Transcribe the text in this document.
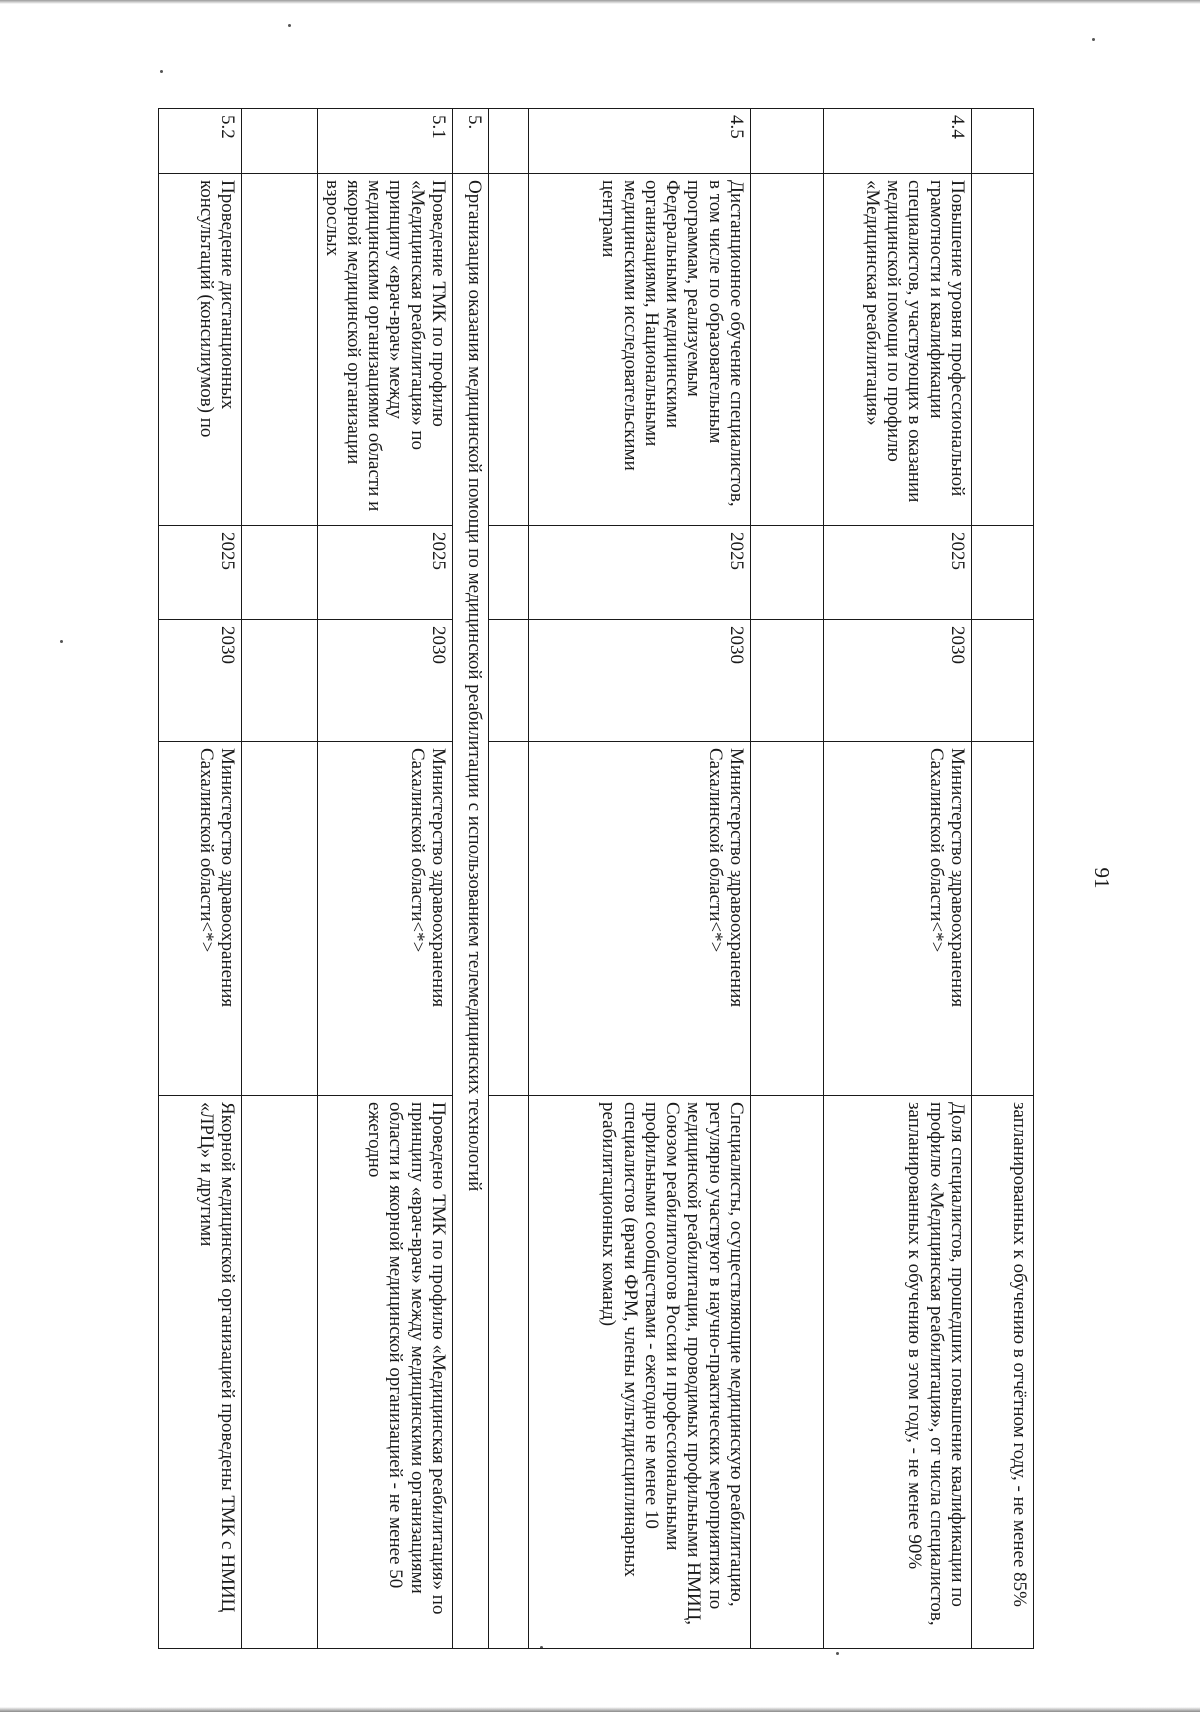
91
					запланированных к обучению в отчётном году, - не менее 85%
4.4	Повышение уровня профессиональной грамотности и квалификации специалистов, участвующих в оказании медицинской помощи по профилю «Медицинская реабилитация»	2025	2030	Министерство здравоохранения Сахалинской области<*>	Доля специалистов, прошедших повышение квалификации по профилю «Медицинская реабилитация», от числа специалистов, запланированных к обучению в этом году, - не менее 90%

4.5	Дистанционное обучение специалистов, в том числе по образовательным программам, реализуемым Федеральными медицинскими организациями, Национальными медицинскими исследовательскими центрами	2025	2030	Министерство здравоохранения Сахалинской области<*>	Специалисты, осуществляющие медицинскую реабилитацию, регулярно участвуют в научно-практических мероприятиях по медицинской реабилитации, проводимых профильными НМИЦ, Союзом реабилитологов России и профессиональными профильными сообществами - ежегодно не менее 10 специалистов (врачи ФРМ, члены мультидисциплинарных реабилитационных команд)

5.	Организация оказания медицинской помощи по медицинской реабилитации с использованием телемедицинских технологий				
5.1	Проведение ТМК по профилю «Медицинская реабилитация» по принципу «врач-врач» между медицинскими организациями области и якорной медицинской организации взрослых	2025	2030	Министерство здравоохранения Сахалинской области<*>	Проведено ТМК по профилю «Медицинская реабилитация» по принципу «врач-врач» между медицинскими организациями области и якорной медицинской организацией - не менее 50 ежегодно

5.2	Проведение дистанционных консультаций (консилиумов) по	2025	2030	Министерство здравоохранения Сахалинской области<*>	Якорной медицинской организацией проведены ТМК с НМИЦ «ЛРЦ» и другими
